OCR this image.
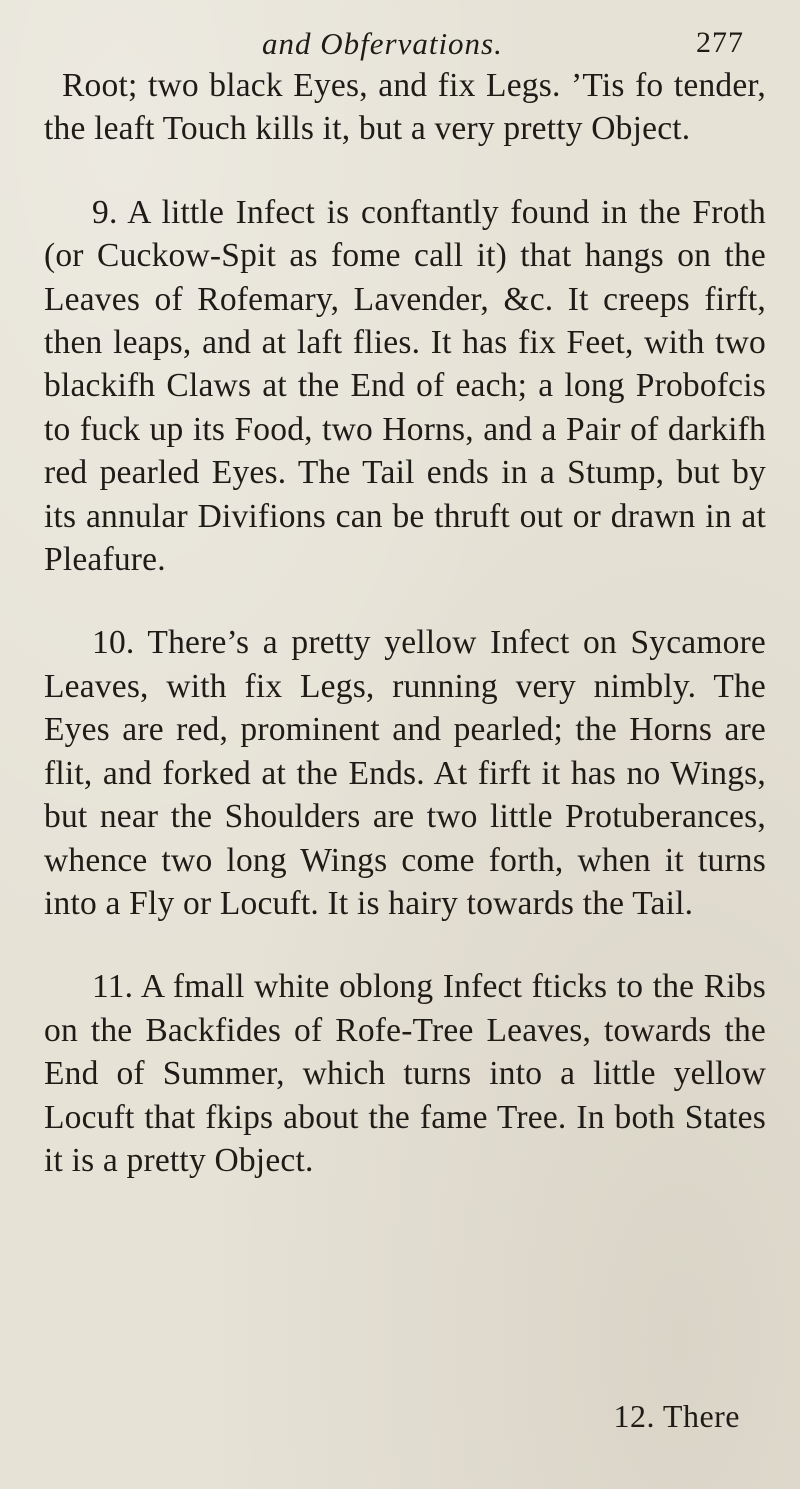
and Obfervations.	277

Root; two black Eyes, and fix Legs. ’Tis fo tender, the leaft Touch kills it, but a very pretty Object.

9. A little Infect is conftantly found in the Froth (or Cuckow-Spit as fome call it) that hangs on the Leaves of Rofemary, Lavender, &c. It creeps firft, then leaps, and at laft flies. It has fix Feet, with two blackifh Claws at the End of each; a long Probofcis to fuck up its Food, two Horns, and a Pair of darkifh red pearled Eyes. The Tail ends in a Stump, but by its annular Divifions can be thruft out or drawn in at Pleafure.

10. There’s a pretty yellow Infect on Sycamore Leaves, with fix Legs, running very nimbly. The Eyes are red, prominent and pearled; the Horns are flit, and forked at the Ends. At firft it has no Wings, but near the Shoulders are two little Protuberances, whence two long Wings come forth, when it turns into a Fly or Locuft. It is hairy towards the Tail.

11. A fmall white oblong Infect fticks to the Ribs on the Backfides of Rofe-Tree Leaves, towards the End of Summer, which turns into a little yellow Locuft that fkips about the fame Tree. In both States it is a pretty Object.

12. There
